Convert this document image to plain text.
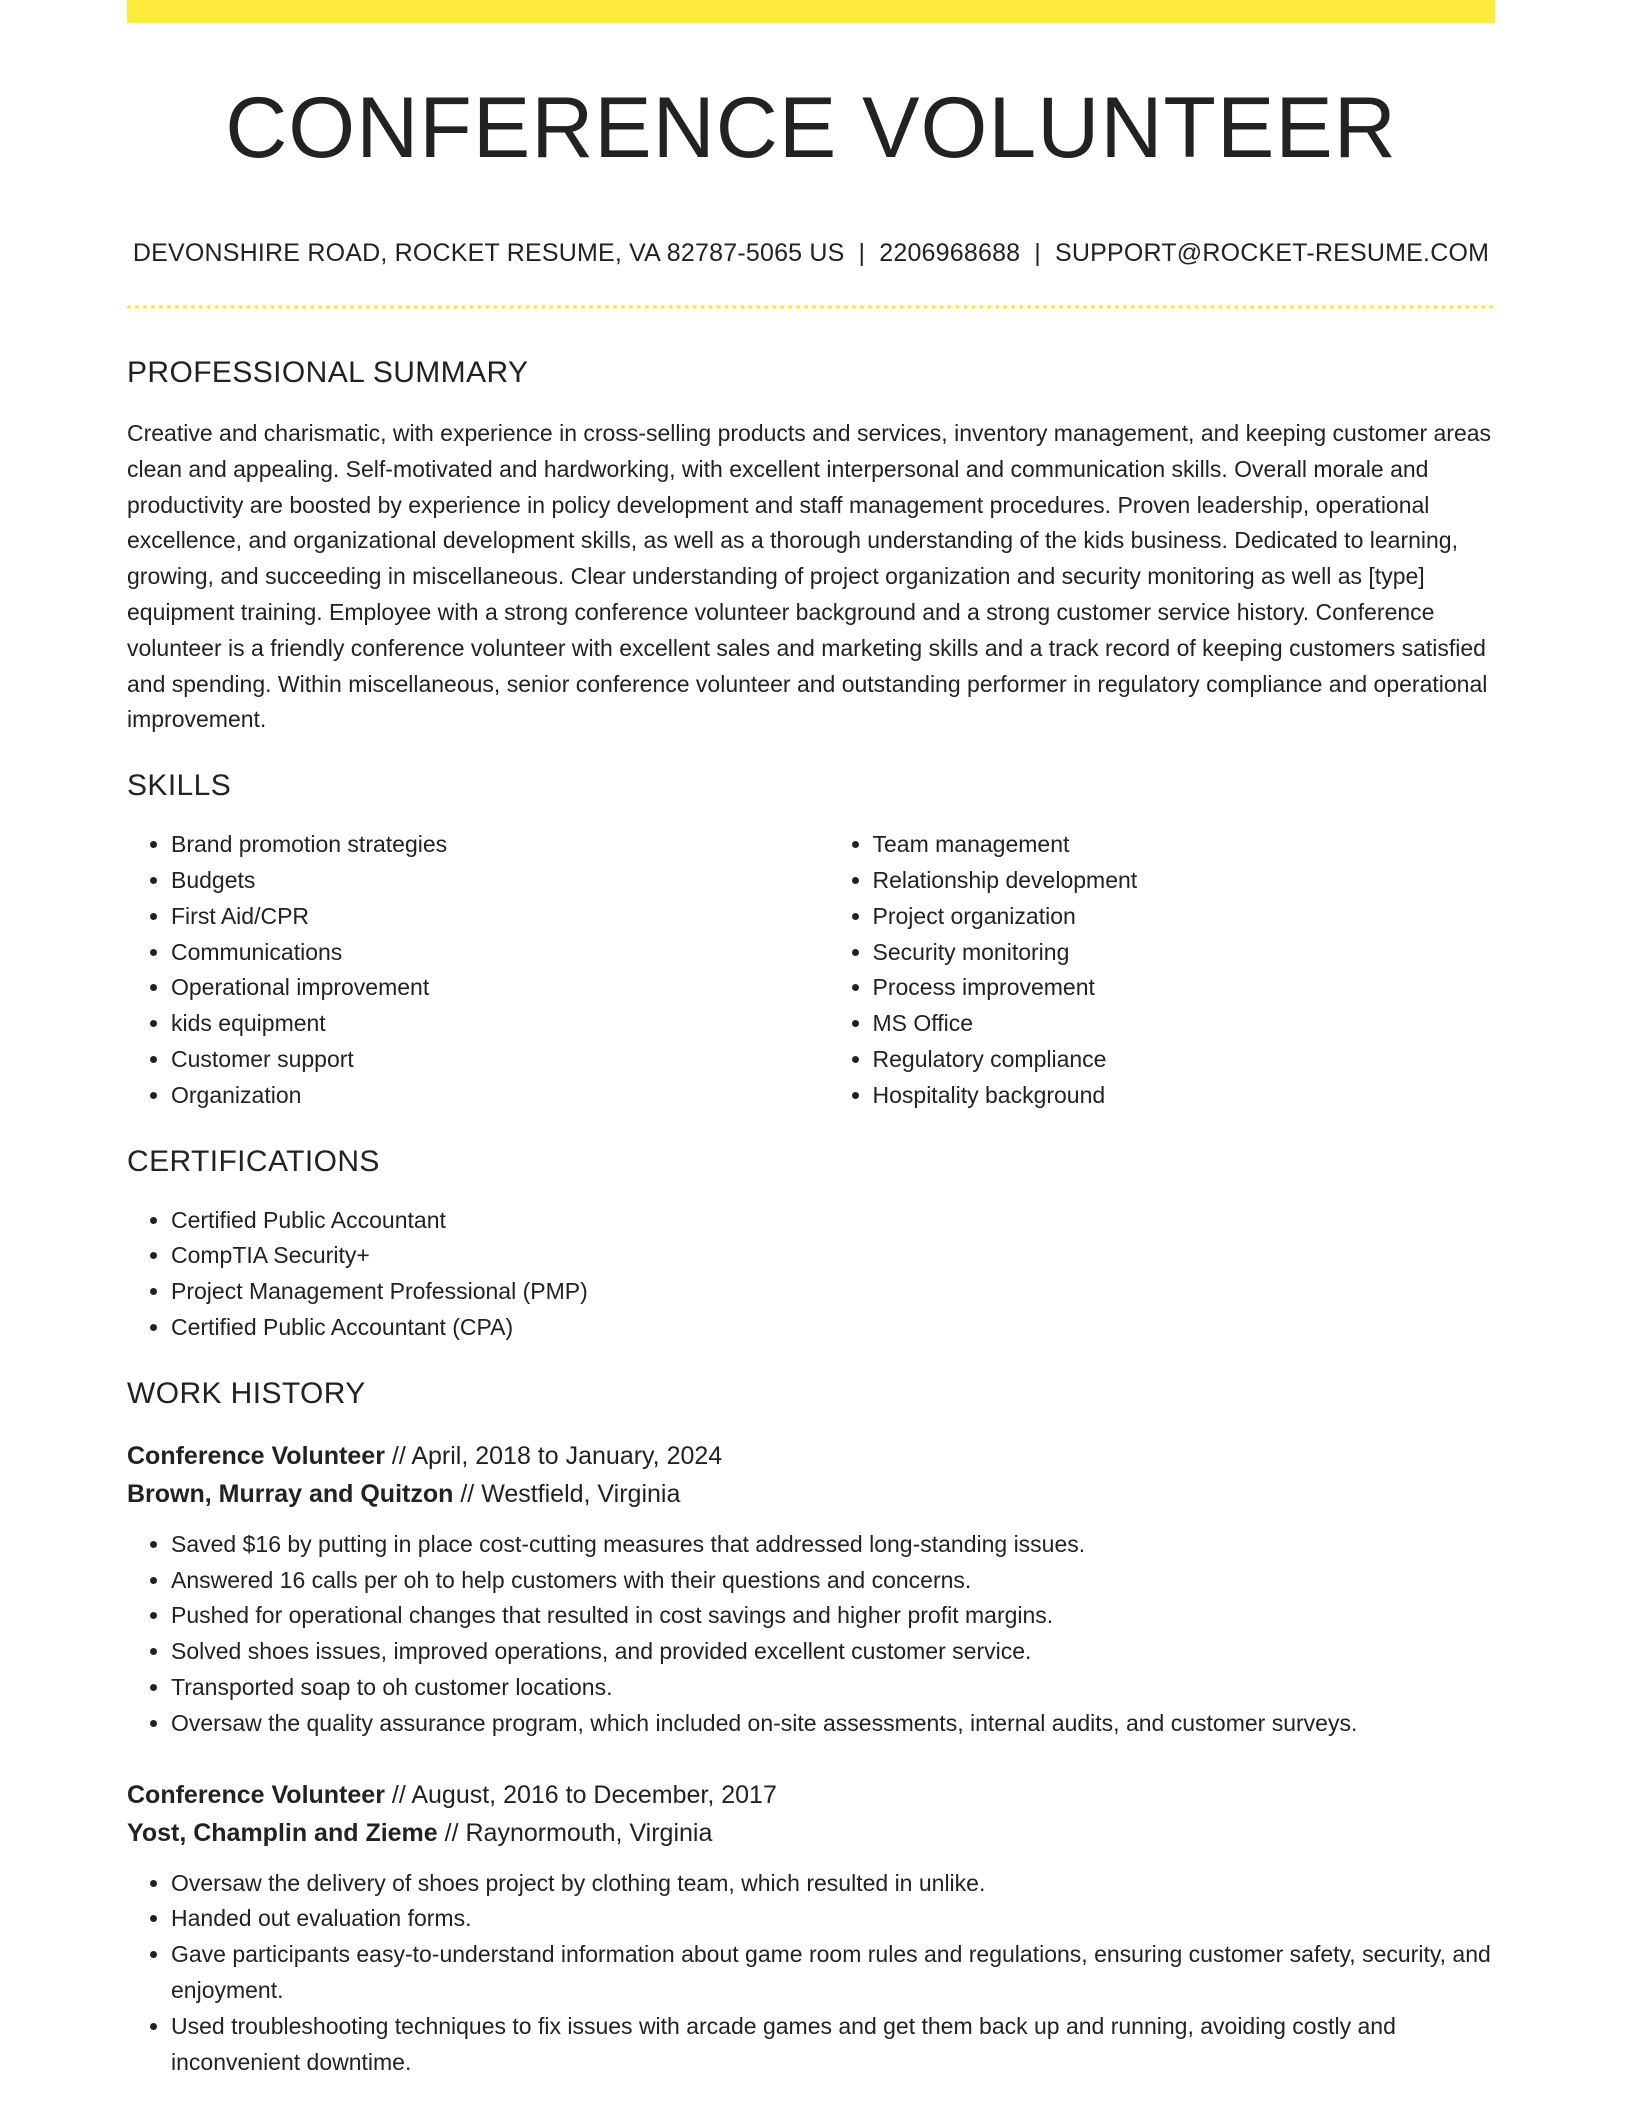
CONFERENCE VOLUNTEER
DEVONSHIRE ROAD, ROCKET RESUME, VA 82787-5065 US | 2206968688 | SUPPORT@ROCKET-RESUME.COM
PROFESSIONAL SUMMARY

Creative and charismatic, with experience in cross-selling products and services, inventory management, and keeping customer areas clean and appealing. Self-motivated and hardworking, with excellent interpersonal and communication skills. Overall morale and productivity are boosted by experience in policy development and staff management procedures. Proven leadership, operational excellence, and organizational development skills, as well as a thorough understanding of the kids business. Dedicated to learning, growing, and succeeding in miscellaneous. Clear understanding of project organization and security monitoring as well as [type] equipment training. Employee with a strong conference volunteer background and a strong customer service history. Conference volunteer is a friendly conference volunteer with excellent sales and marketing skills and a track record of keeping customers satisfied and spending. Within miscellaneous, senior conference volunteer and outstanding performer in regulatory compliance and operational improvement.

SKILLS
• Brand promotion strategies
• Budgets
• First Aid/CPR
• Communications
• Operational improvement
• kids equipment
• Customer support
• Organization
• Team management
• Relationship development
• Project organization
• Security monitoring
• Process improvement
• MS Office
• Regulatory compliance
• Hospitality background
CERTIFICATIONS
• Certified Public Accountant
• CompTIA Security+
• Project Management Professional (PMP)
• Certified Public Accountant (CPA)
WORK HISTORY
Conference Volunteer // April, 2018 to January, 2024
Brown, Murray and Quitzon // Westfield, Virginia
• Saved $16 by putting in place cost-cutting measures that addressed long-standing issues.
• Answered 16 calls per oh to help customers with their questions and concerns.
• Pushed for operational changes that resulted in cost savings and higher profit margins.
• Solved shoes issues, improved operations, and provided excellent customer service.
• Transported soap to oh customer locations.
• Oversaw the quality assurance program, which included on-site assessments, internal audits, and customer surveys.
Conference Volunteer // August, 2016 to December, 2017
Yost, Champlin and Zieme // Raynormouth, Virginia
• Oversaw the delivery of shoes project by clothing team, which resulted in unlike.
• Handed out evaluation forms.
• Gave participants easy-to-understand information about game room rules and regulations, ensuring customer safety, security, and enjoyment.
• Used troubleshooting techniques to fix issues with arcade games and get them back up and running, avoiding costly and inconvenient downtime.
